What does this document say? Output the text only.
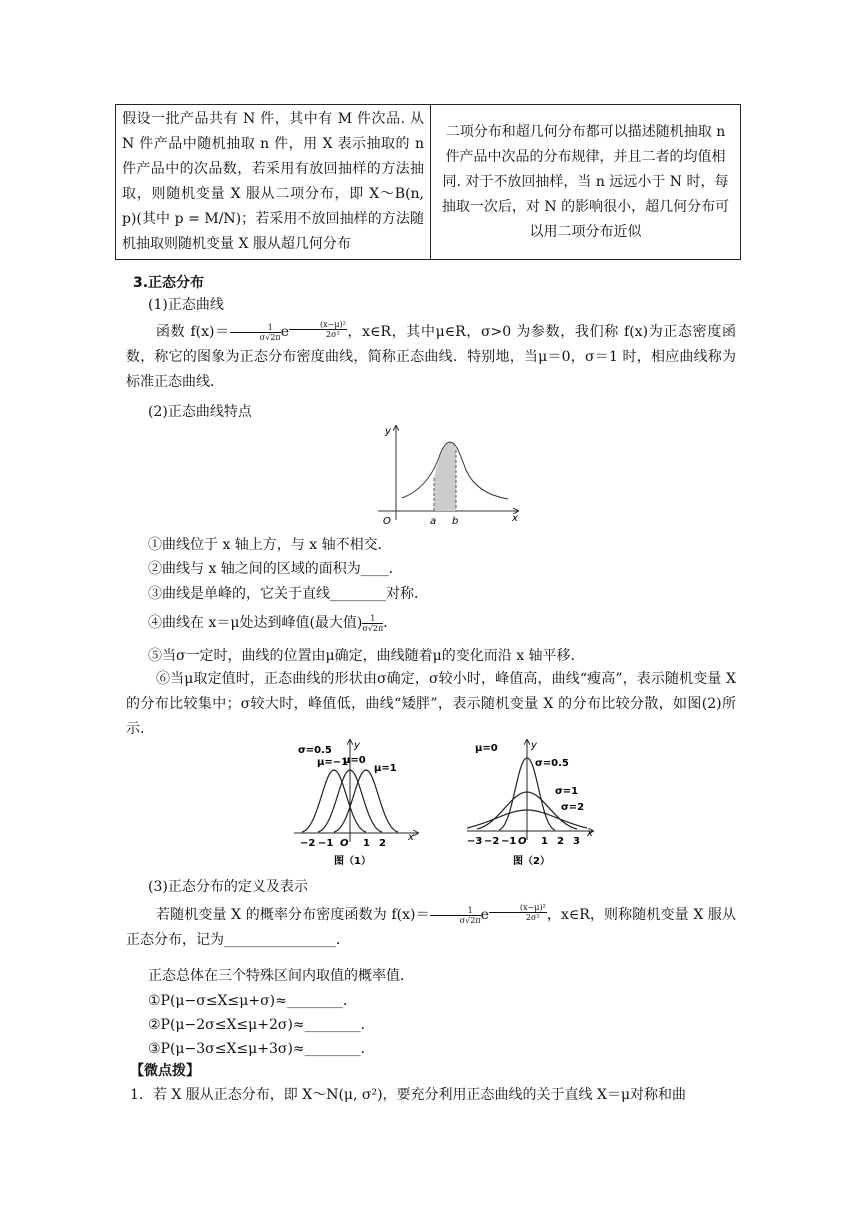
假设一批产品共有 N 件，其中有 M 件次品. 从 N 件产品中随机抽取 n 件，用 X 表示抽取的 n 件产品中的次品数，若采用有放回抽样的方法抽取，则随机变量 X 服从二项分布，即 X～B(n, p)(其中 p = M/N)；若采用不放回抽样的方法随机抽取则随机变量 X 服从超几何分布	二项分布和超几何分布都可以描述随机抽取 n 件产品中次品的分布规律，并且二者的均值相同. 对于不放回抽样，当 n 远远小于 N 时，每抽取一次后，对 N 的影响很小，超几何分布可以用二项分布近似
3.正态分布
(1)正态曲线
函数 $f(x)= \frac{1}{\sigma√2\pi}$ e $\frac{\text{(x−μ)²}}{\text{2σ²}}$ ，x∈R，其中μ∈R，σ>0 为参数，我们称 f(x)为正态密度函数，称它的图象为正态分布密度曲线，简称正态曲线．特别地，当μ＝0，σ＝1 时，相应曲线称为标准正态曲线．
(2)正态曲线特点
y
x
O	a b
①曲线位于 x 轴上方，与 x 轴不相交．
②曲线与 x 轴之间的区域的面积为____．
③曲线是单峰的，它关于直线________对称．
④曲线在 x＝μ处达到峰值(最大值) $\frac{1}{\sigma√2\pi}$ ．
⑤当σ一定时，曲线的位置由μ确定，曲线随着μ的变化而沿 x 轴平移．
⑥当μ取定值时，正态曲线的形状由σ确定，σ较小时，峰值高，曲线“瘦高”，表示随机变量 X 的分布比较集中；σ较大时，峰值低，曲线“矮胖”，表示随机变量 X 的分布比较分散，如图(2)所示．
σ=0.5
μ=−1
μ=0
μ=1
y
x
−2 −1 O 1 2
图（1）
μ=0
σ=0.5
σ=1
σ=2
y
x
−3 −2 −1 O 1 2 3
图（2）
(3)正态分布的定义及表示
若随机变量 X 的概率分布密度函数为 $f(x)= \frac{1}{\sigma√2\pi}$ e $\frac{\text{(x−μ)²}}{\text{2σ²}}$ ，x∈R，则称随机变量 X 服从正态分布，记为________________．
正态总体在三个特殊区间内取值的概率值．
①P(μ−σ≤X≤μ+σ)≈________．
②P(μ−2σ≤X≤μ+2σ)≈________．
③P(μ−3σ≤X≤μ+3σ)≈________．
【微点拨】
1．若 X 服从正态分布，即 X～N(μ, σ²)，要充分利用正态曲线的关于直线 X＝μ对称和曲
